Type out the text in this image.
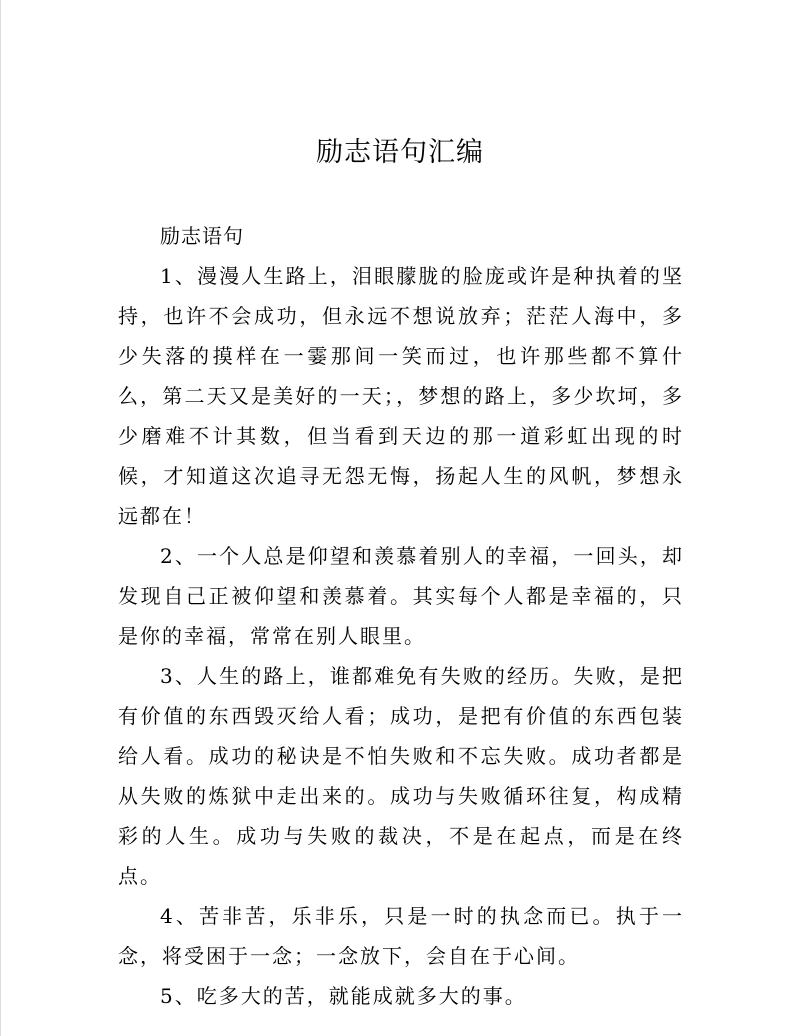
励志语句汇编

励志语句

1、漫漫人生路上，泪眼朦胧的脸庞或许是种执着的坚持，也许不会成功，但永远不想说放弃；茫茫人海中，多少失落的摸样在一霎那间一笑而过，也许那些都不算什么，第二天又是美好的一天；，梦想的路上，多少坎坷，多少磨难不计其数，但当看到天边的那一道彩虹出现的时候，才知道这次追寻无怨无悔，扬起人生的风帆，梦想永远都在！

2、一个人总是仰望和羡慕着别人的幸福，一回头，却发现自己正被仰望和羡慕着。其实每个人都是幸福的，只是你的幸福，常常在别人眼里。

3、人生的路上，谁都难免有失败的经历。失败，是把有价值的东西毁灭给人看；成功，是把有价值的东西包装给人看。成功的秘诀是不怕失败和不忘失败。成功者都是从失败的炼狱中走出来的。成功与失败循环往复，构成精彩的人生。成功与失败的裁决，不是在起点，而是在终点。

4、苦非苦，乐非乐，只是一时的执念而已。执于一念，将受困于一念；一念放下，会自在于心间。

5、吃多大的苦，就能成就多大的事。
